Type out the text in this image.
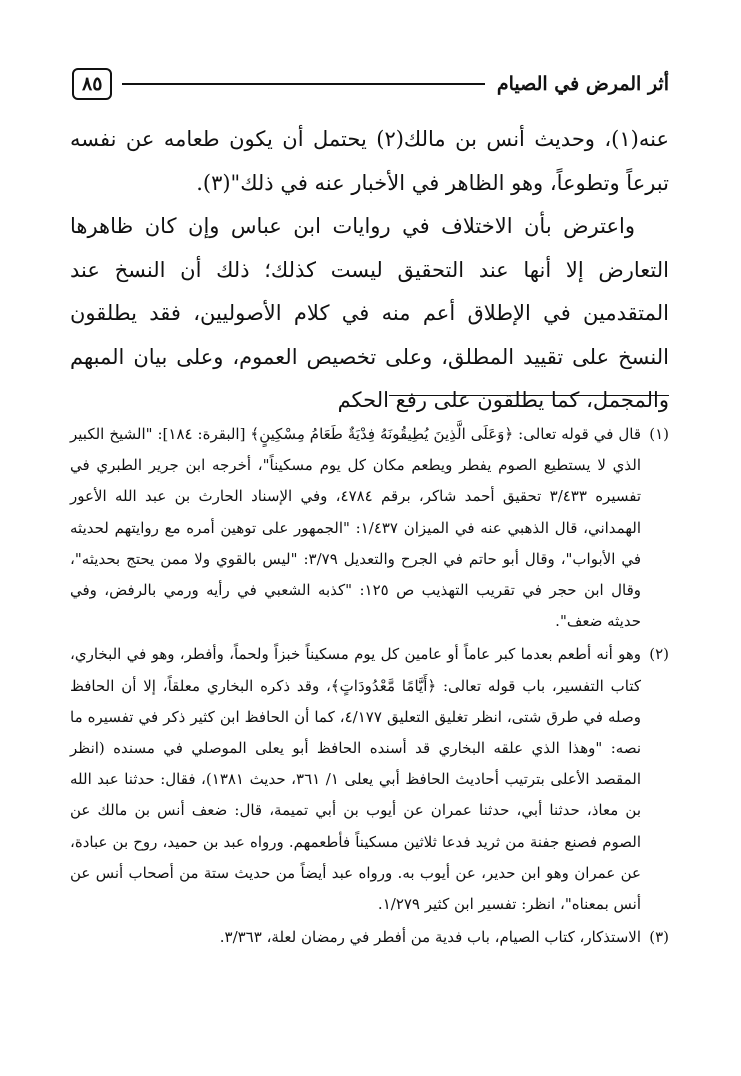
أثر المرض في الصيام
٨٥

عنه(١)، وحديث أنس بن مالك(٢) يحتمل أن يكون طعامه عن نفسه تبرعاً وتطوعاً، وهو الظاهر في الأخبار عنه في ذلك"(٣).

واعترض بأن الاختلاف في روايات ابن عباس وإن كان ظاهرها التعارض إلا أنها عند التحقيق ليست كذلك؛ ذلك أن النسخ عند المتقدمين في الإطلاق أعم منه في كلام الأصوليين، فقد يطلقون النسخ على تقييد المطلق، وعلى تخصيص العموم، وعلى بيان المبهم والمجمل، كما يطلقون على رفع الحكم

(١)قال في قوله تعالى: ﴿وَعَلَى الَّذِينَ يُطِيقُونَهُ فِدْيَةٌ طَعَامُ مِسْكِينٍ﴾ [البقرة: ١٨٤]: "الشيخ الكبير الذي لا يستطيع الصوم يفطر ويطعم مكان كل يوم مسكيناً"، أخرجه ابن جرير الطبري في تفسيره ٣/٤٣٣ تحقيق أحمد شاكر، برقم ٤٧٨٤، وفي الإسناد الحارث بن عبد الله الأعور الهمداني، قال الذهبي عنه في الميزان ١/٤٣٧: "الجمهور على توهين أمره مع روايتهم لحديثه في الأبواب"، وقال أبو حاتم في الجرح والتعديل ٣/٧٩: "ليس بالقوي ولا ممن يحتج بحديثه"، وقال ابن حجر في تقريب التهذيب ص ١٢٥: "كذبه الشعبي في رأيه ورمي بالرفض، وفي حديثه ضعف".

(٢)وهو أنه أطعم بعدما كبر عاماً أو عامين كل يوم مسكيناً خبزاً ولحماً، وأفطر، وهو في البخاري، كتاب التفسير، باب قوله تعالى: ﴿أَيَّامًا مَّعْدُودَاتٍ﴾، وقد ذكره البخاري معلقاً، إلا أن الحافظ وصله في طرق شتى، انظر تغليق التعليق ٤/١٧٧، كما أن الحافظ ابن كثير ذكر في تفسيره ما نصه: "وهذا الذي علقه البخاري قد أسنده الحافظ أبو يعلى الموصلي في مسنده (انظر المقصد الأعلى بترتيب أحاديث الحافظ أبي يعلى ١/ ٣٦١، حديث ١٣٨١)، فقال: حدثنا عبد الله بن معاذ، حدثنا أبي، حدثنا عمران عن أيوب بن أبي تميمة، قال: ضعف أنس بن مالك عن الصوم فصنع جفنة من ثريد فدعا ثلاثين مسكيناً فأطعمهم. ورواه عبد بن حميد، روح بن عبادة، عن عمران وهو ابن حدير، عن أيوب به. ورواه عبد أيضاً من حديث ستة من أصحاب أنس عن أنس بمعناه"، انظر: تفسير ابن كثير ١/٢٧٩.

(٣)الاستذكار، كتاب الصيام، باب فدية من أفطر في رمضان لعلة، ٣/٣٦٣.
